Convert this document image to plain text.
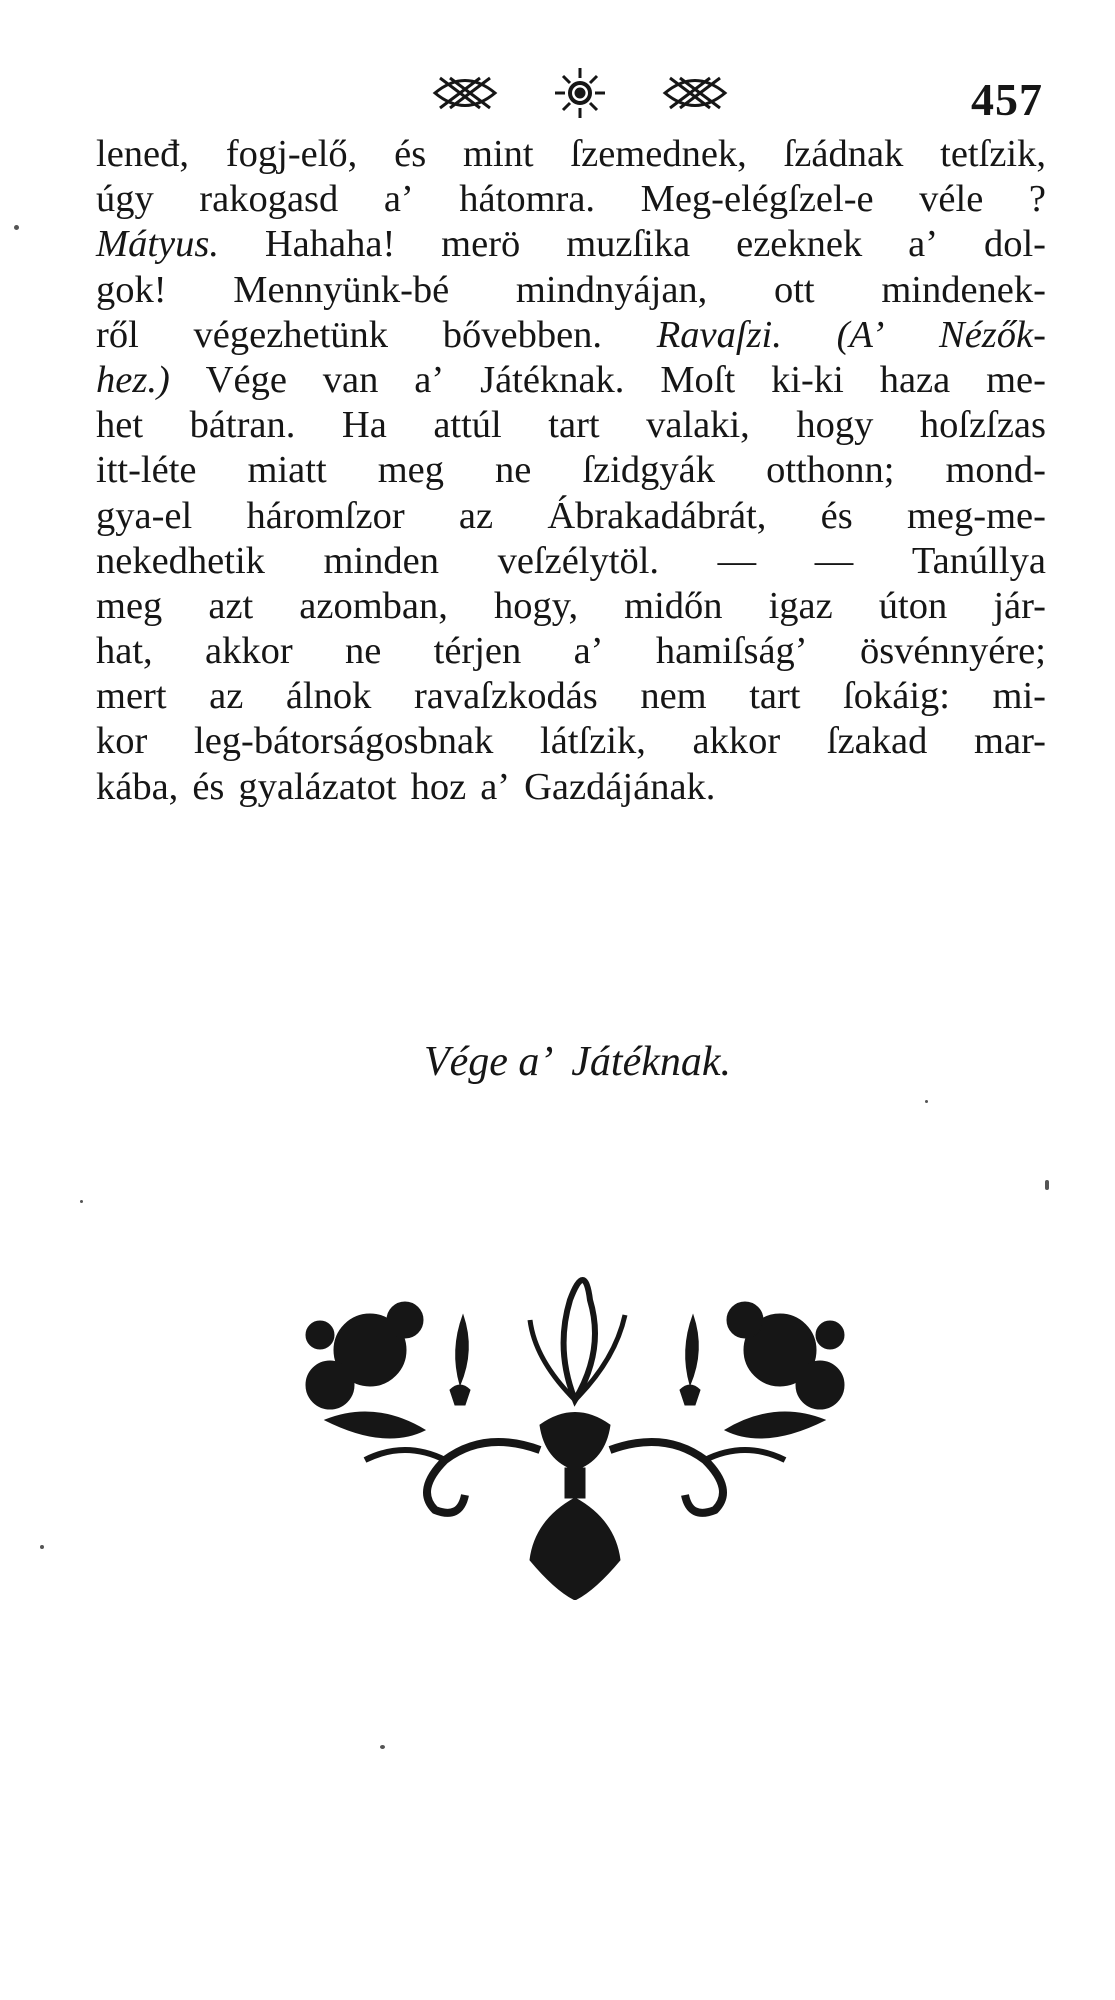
457
leneđ, fogj-elő, és mint ſzemednek, ſzádnak tetſzik,
úgy rakogasd a’ hátomra. Meg-elégſzel-e véle ?
Mátyus. Hahaha! merö muzſika ezeknek a’ dol-
gok! Mennyünk-bé mindnyájan, ott mindenek-
ről végezhetünk bővebben. Ravaſzi. (A’ Nézők-
hez.) Vége van a’ Játéknak. Moſt ki-ki haza me-
het bátran. Ha attúl tart valaki, hogy hoſzſzas
itt-léte miatt meg ne ſzidgyák otthonn; mond-
gya-el háromſzor az Ábrakadábrát, és meg-me-
nekedhetik minden veſzélytöl. — — Tanúllya
meg azt azomban, hogy, midőn igaz úton jár-
hat, akkor ne térjen a’ hamiſság’ ösvénnyére;
mert az álnok ravaſzkodás nem tart ſokáig: mi-
kor leg-bátorságosbnak látſzik, akkor ſzakad mar-
kába, és gyalázatot hoz a’ Gazdájának.
Vége a’ Játéknak.
